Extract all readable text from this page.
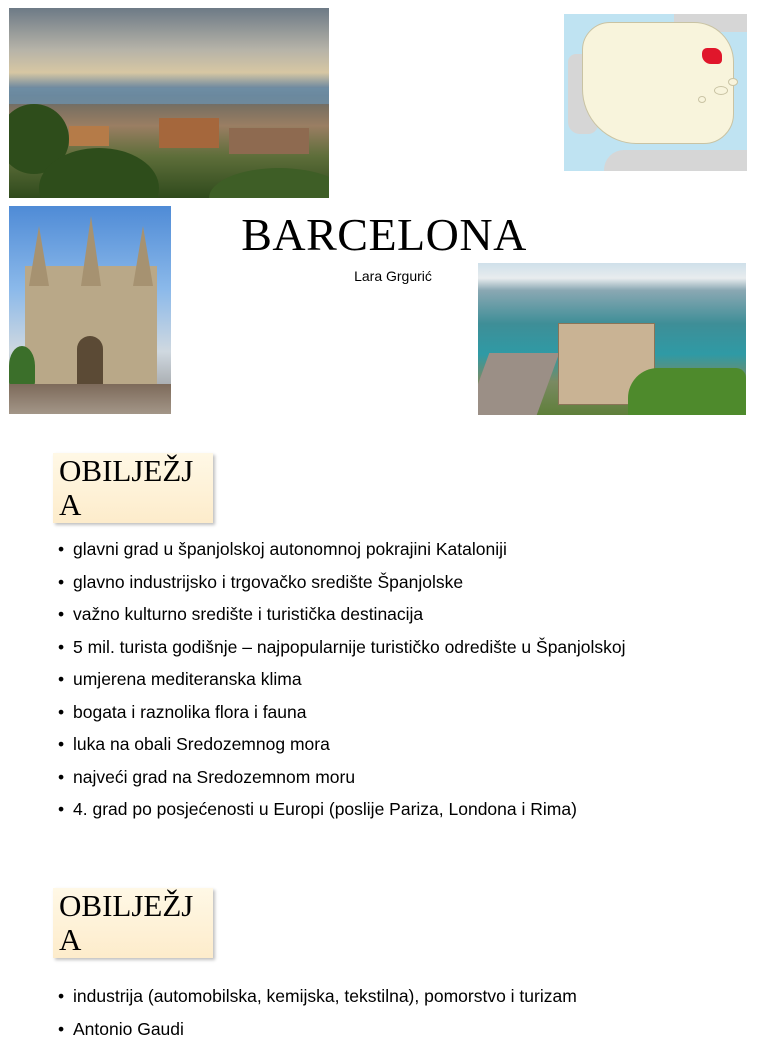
BARCELONA
Lara Grgurić
OBILJEŽJA
• glavni grad u španjolskoj autonomnoj pokrajini Kataloniji
• glavno industrijsko i trgovačko središte Španjolske
• važno kulturno središte i turistička destinacija
• 5 mil. turista godišnje – najpopularnije turističko odredište u Španjolskoj
• umjerena mediteranska klima
• bogata i raznolika flora i fauna
• luka na obali Sredozemnog mora
• najveći grad na Sredozemnom moru
• 4. grad po posjećenosti u Europi (poslije Pariza, Londona i Rima)
OBILJEŽJA
• industrija (automobilska, kemijska, tekstilna), pomorstvo i turizam
• Antonio Gaudi
